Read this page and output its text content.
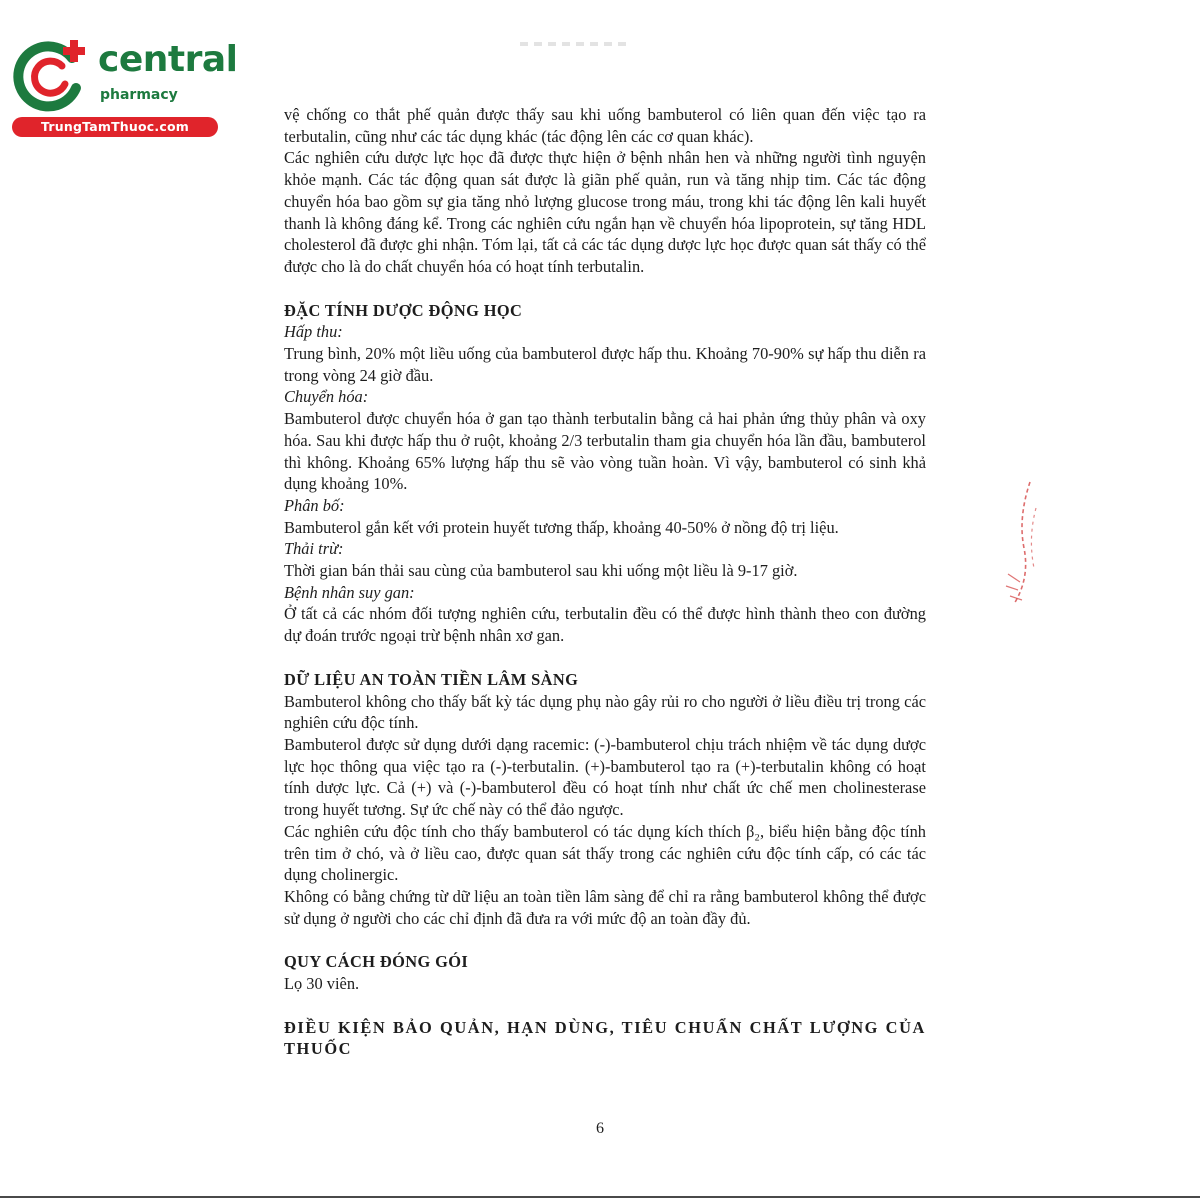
central
pharmacy
TrungTamThuoc.com

vệ chống co thắt phế quản được thấy sau khi uống bambuterol có liên quan đến việc tạo ra terbutalin, cũng như các tác dụng khác (tác động lên các cơ quan khác).

Các nghiên cứu dược lực học đã được thực hiện ở bệnh nhân hen và những người tình nguyện khỏe mạnh. Các tác động quan sát được là giãn phế quản, run và tăng nhịp tim. Các tác động chuyển hóa bao gồm sự gia tăng nhỏ lượng glucose trong máu, trong khi tác động lên kali huyết thanh là không đáng kể. Trong các nghiên cứu ngắn hạn về chuyển hóa lipoprotein, sự tăng HDL cholesterol đã được ghi nhận. Tóm lại, tất cả các tác dụng dược lực học được quan sát thấy có thể được cho là do chất chuyển hóa có hoạt tính terbutalin.

ĐẶC TÍNH DƯỢC ĐỘNG HỌC

Hấp thu:

Trung bình, 20% một liều uống của bambuterol được hấp thu. Khoảng 70-90% sự hấp thu diễn ra trong vòng 24 giờ đầu.

Chuyển hóa:

Bambuterol được chuyển hóa ở gan tạo thành terbutalin bằng cả hai phản ứng thủy phân và oxy hóa. Sau khi được hấp thu ở ruột, khoảng 2/3 terbutalin tham gia chuyển hóa lần đầu, bambuterol thì không. Khoảng 65% lượng hấp thu sẽ vào vòng tuần hoàn. Vì vậy, bambuterol có sinh khả dụng khoảng 10%.

Phân bố:

Bambuterol gắn kết với protein huyết tương thấp, khoảng 40-50% ở nồng độ trị liệu.

Thải trừ:

Thời gian bán thải sau cùng của bambuterol sau khi uống một liều là 9-17 giờ.

Bệnh nhân suy gan:

Ở tất cả các nhóm đối tượng nghiên cứu, terbutalin đều có thể được hình thành theo con đường dự đoán trước ngoại trừ bệnh nhân xơ gan.

DỮ LIỆU AN TOÀN TIỀN LÂM SÀNG

Bambuterol không cho thấy bất kỳ tác dụng phụ nào gây rủi ro cho người ở liều điều trị trong các nghiên cứu độc tính.

Bambuterol được sử dụng dưới dạng racemic: (-)-bambuterol chịu trách nhiệm về tác dụng dược lực học thông qua việc tạo ra (-)-terbutalin. (+)-bambuterol tạo ra (+)-terbutalin không có hoạt tính dược lực. Cả (+) và (-)-bambuterol đều có hoạt tính như chất ức chế men cholinesterase trong huyết tương. Sự ức chế này có thể đảo ngược.

Các nghiên cứu độc tính cho thấy bambuterol có tác dụng kích thích β₂, biểu hiện bằng độc tính trên tim ở chó, và ở liều cao, được quan sát thấy trong các nghiên cứu độc tính cấp, có các tác dụng cholinergic.

Không có bằng chứng từ dữ liệu an toàn tiền lâm sàng để chỉ ra rằng bambuterol không thể được sử dụng ở người cho các chỉ định đã đưa ra với mức độ an toàn đầy đủ.

QUY CÁCH ĐÓNG GÓI

Lọ 30 viên.

ĐIỀU KIỆN BẢO QUẢN, HẠN DÙNG, TIÊU CHUẨN CHẤT LƯỢNG CỦA THUỐC

6
